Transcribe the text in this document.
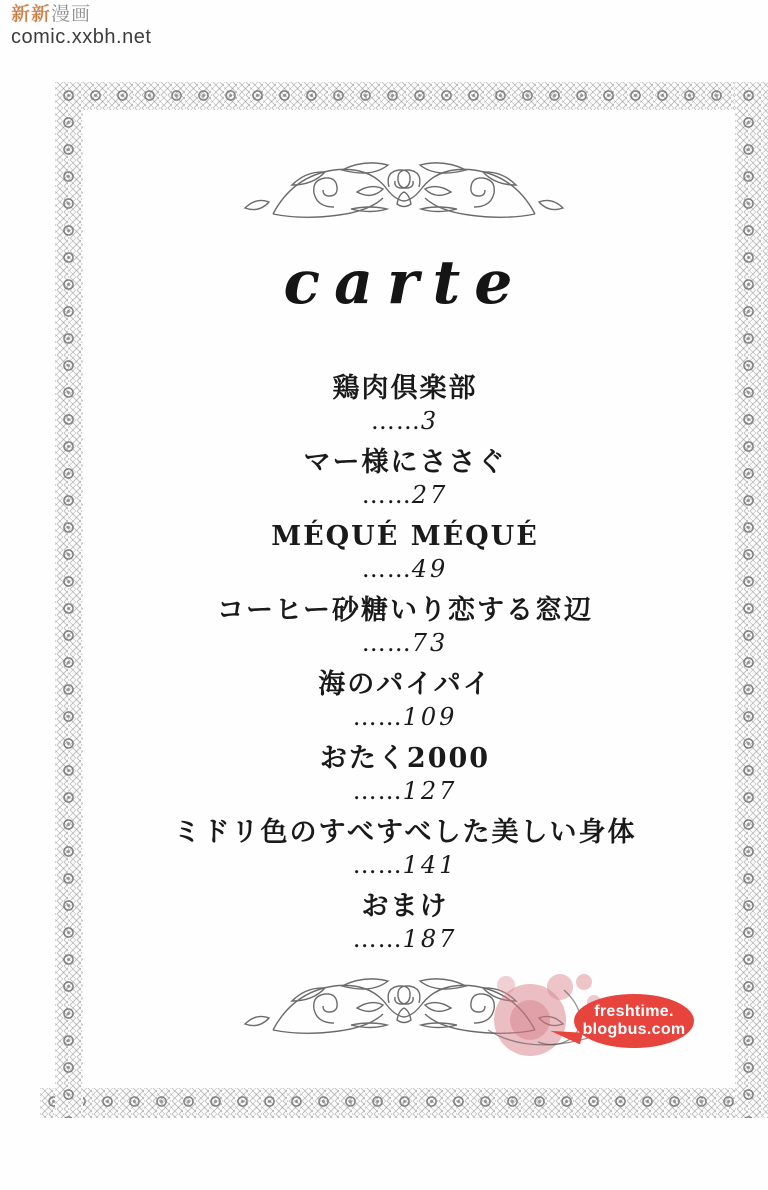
新新漫画
comic.xxbh.net
carte
鶏肉倶楽部
……3
マー様にささぐ
……27
MÉQUÉ MÉQUÉ
……49
コーヒー砂糖いり恋する窓辺
……73
海のパイパイ
……109
おたく2000
……127
ミドリ色のすべすべした美しい身体
……141
おまけ
……187
freshtime.
blogbus.com
